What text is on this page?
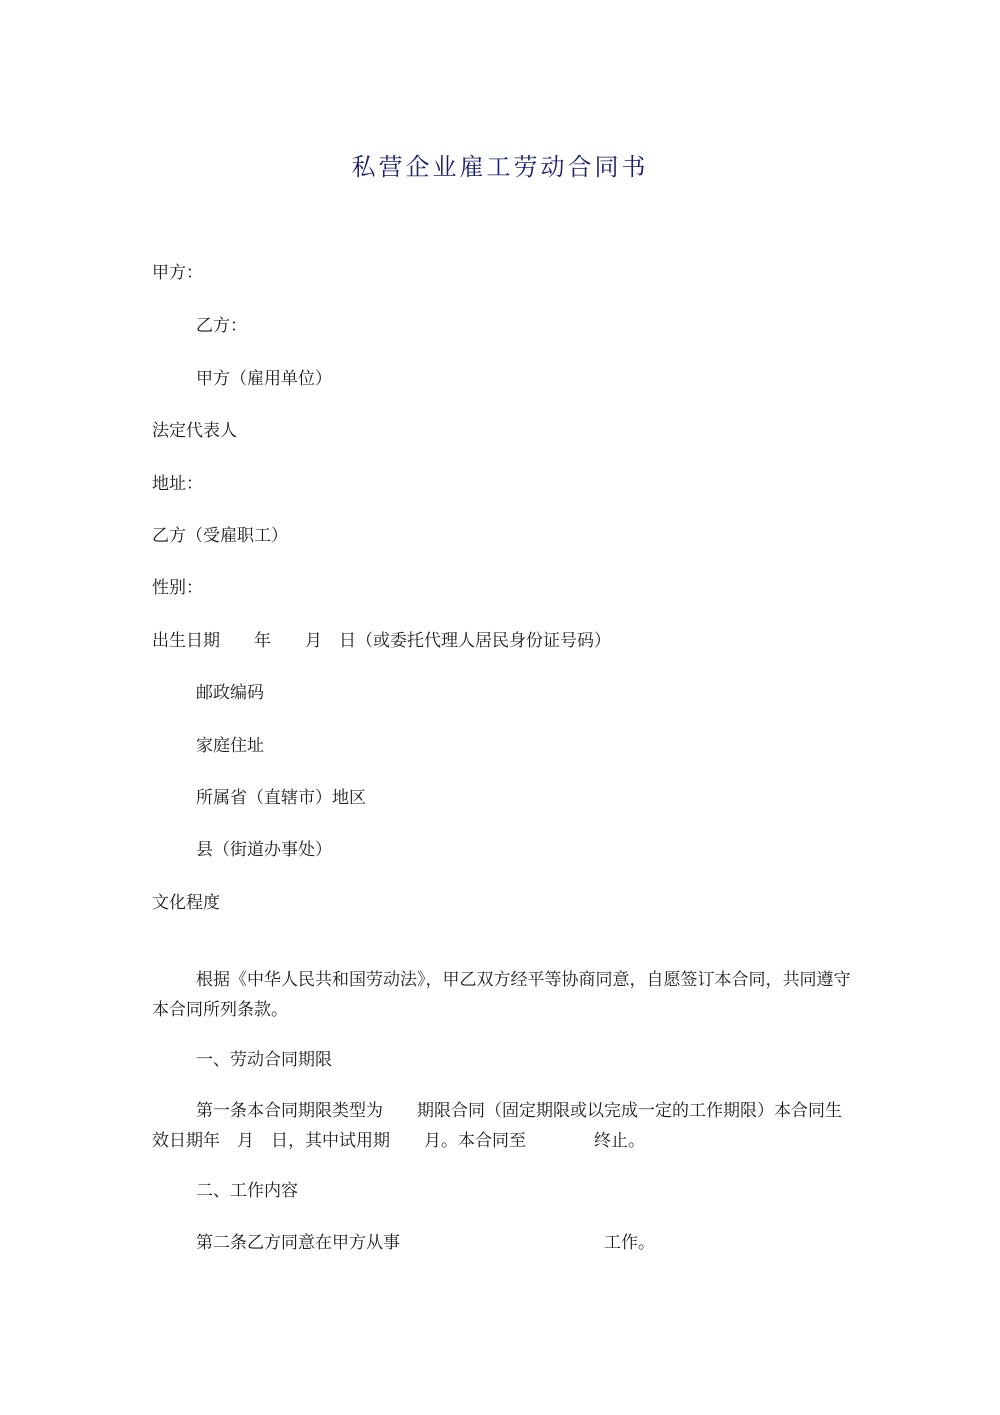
私营企业雇工劳动合同书
甲方：
乙方：
甲方（雇用单位）
法定代表人
地址：
乙方（受雇职工）
性别：
出生日期　　年　　月　日（或委托代理人居民身份证号码）
邮政编码
家庭住址
所属省（直辖市）地区
县（街道办事处）
文化程度
根据《中华人民共和国劳动法》，甲乙双方经平等协商同意，自愿签订本合同，共同遵守本合同所列条款。
一、劳动合同期限
第一条本合同期限类型为　　期限合同（固定期限或以完成一定的工作期限）本合同生效日期年　月　日，其中试用期　　月。本合同至　　　　终止。
二、工作内容
第二条乙方同意在甲方从事　　　　　　　　　　　　工作。
